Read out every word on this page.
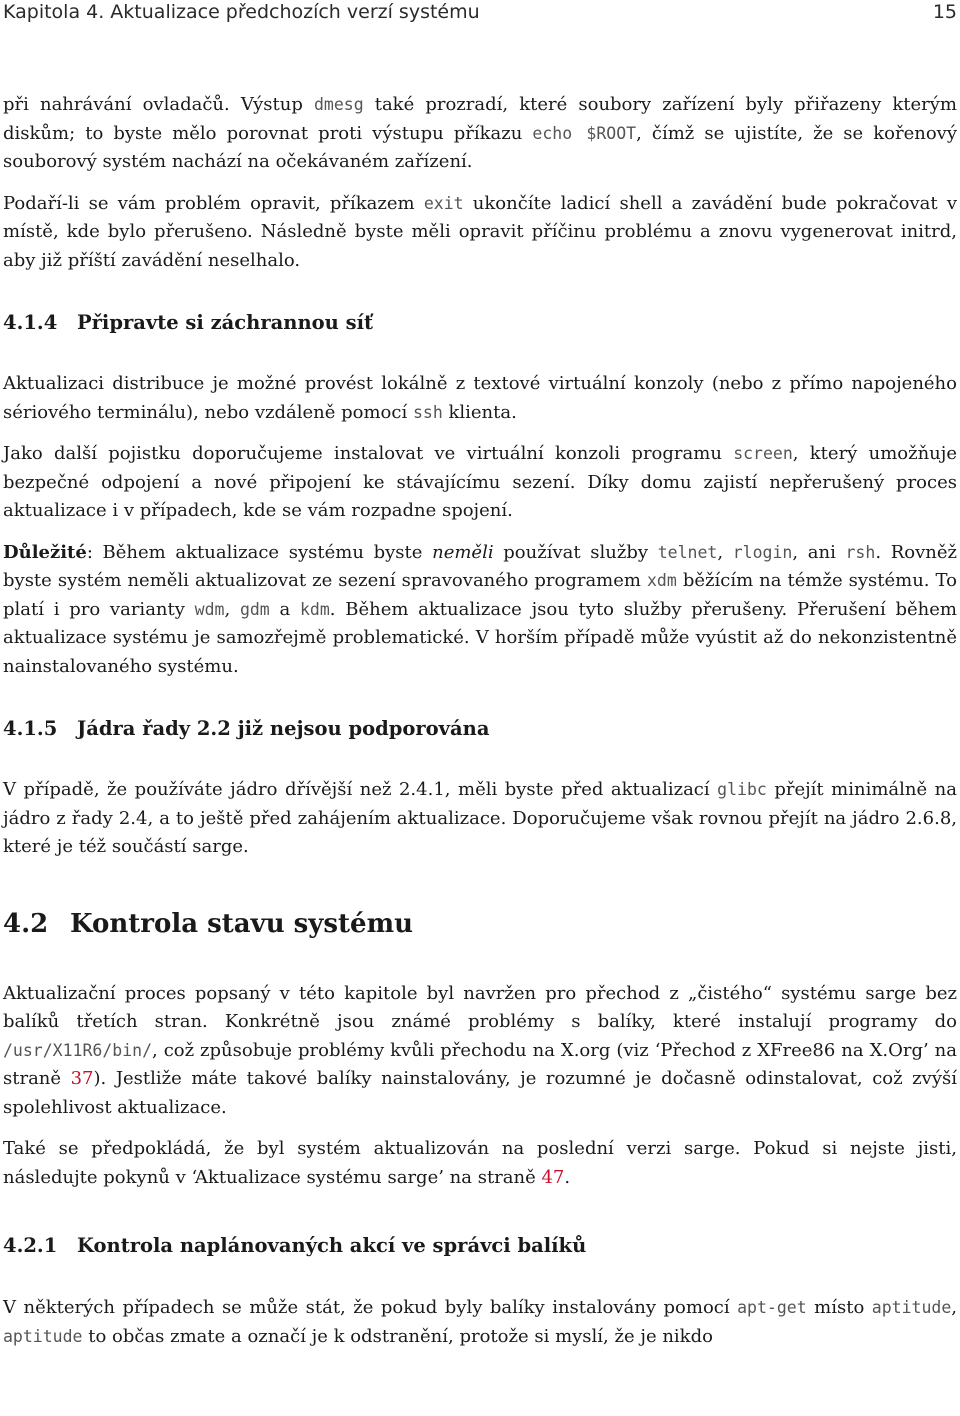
Kapitola 4. Aktualizace předchozích verzí systému	15

při nahrávání ovladačů. Výstup dmesg také prozradí, které soubory zařízení byly přiřazeny kterým diskům; to byste mělo porovnat proti výstupu příkazu echo $ROOT, čímž se ujistíte, že se kořenový souborový systém nachází na očekávaném zařízení.

Podaří-li se vám problém opravit, příkazem exit ukončíte ladicí shell a zavádění bude pokračovat v místě, kde bylo přerušeno. Následně byste měli opravit příčinu problému a znovu vygenerovat initrd, aby již příští zavádění neselhalo.

4.1.4	Připravte si záchrannou síť

Aktualizaci distribuce je možné provést lokálně z textové virtuální konzoly (nebo z přímo napojeného sériového terminálu), nebo vzdáleně pomocí ssh klienta.

Jako další pojistku doporučujeme instalovat ve virtuální konzoli programu screen, který umožňuje bezpečné odpojení a nové připojení ke stávajícímu sezení. Díky domu zajistí nepřerušený proces aktualizace i v případech, kde se vám rozpadne spojení.

Důležité: Během aktualizace systému byste neměli používat služby telnet, rlogin, ani rsh. Rovněž byste systém neměli aktualizovat ze sezení spravovaného programem xdm běžícím na témže systému. To platí i pro varianty wdm, gdm a kdm. Během aktualizace jsou tyto služby přerušeny. Přerušení během aktualizace systému je samozřejmě problematické. V horším případě může vyústit až do nekonzistentně nainstalovaného systému.

4.1.5	Jádra řady 2.2 již nejsou podporována

V případě, že používáte jádro dřívější než 2.4.1, měli byste před aktualizací glibc přejít minimálně na jádro z řady 2.4, a to ještě před zahájením aktualizace. Doporučujeme však rovnou přejít na jádro 2.6.8, které je též součástí sarge.

4.2 Kontrola stavu systému

Aktualizační proces popsaný v této kapitole byl navržen pro přechod z „čistého“ systému sarge bez balíků třetích stran. Konkrétně jsou známé problémy s balíky, které instalují programy do /usr/X11R6/bin/, což způsobuje problémy kvůli přechodu na X.org (viz ‘Přechod z XFree86 na X.Org’ na straně 37). Jestliže máte takové balíky nainstalovány, je rozumné je dočasně odinstalovat, což zvýší spolehlivost aktualizace.

Také se předpokládá, že byl systém aktualizován na poslední verzi sarge. Pokud si nejste jisti, následujte pokynů v ‘Aktualizace systému sarge’ na straně 47.

4.2.1	Kontrola naplánovaných akcí ve správci balíků

V některých případech se může stát, že pokud byly balíky instalovány pomocí apt-get místo aptitude, aptitude to občas zmate a označí je k odstranění, protože si myslí, že je nikdo
